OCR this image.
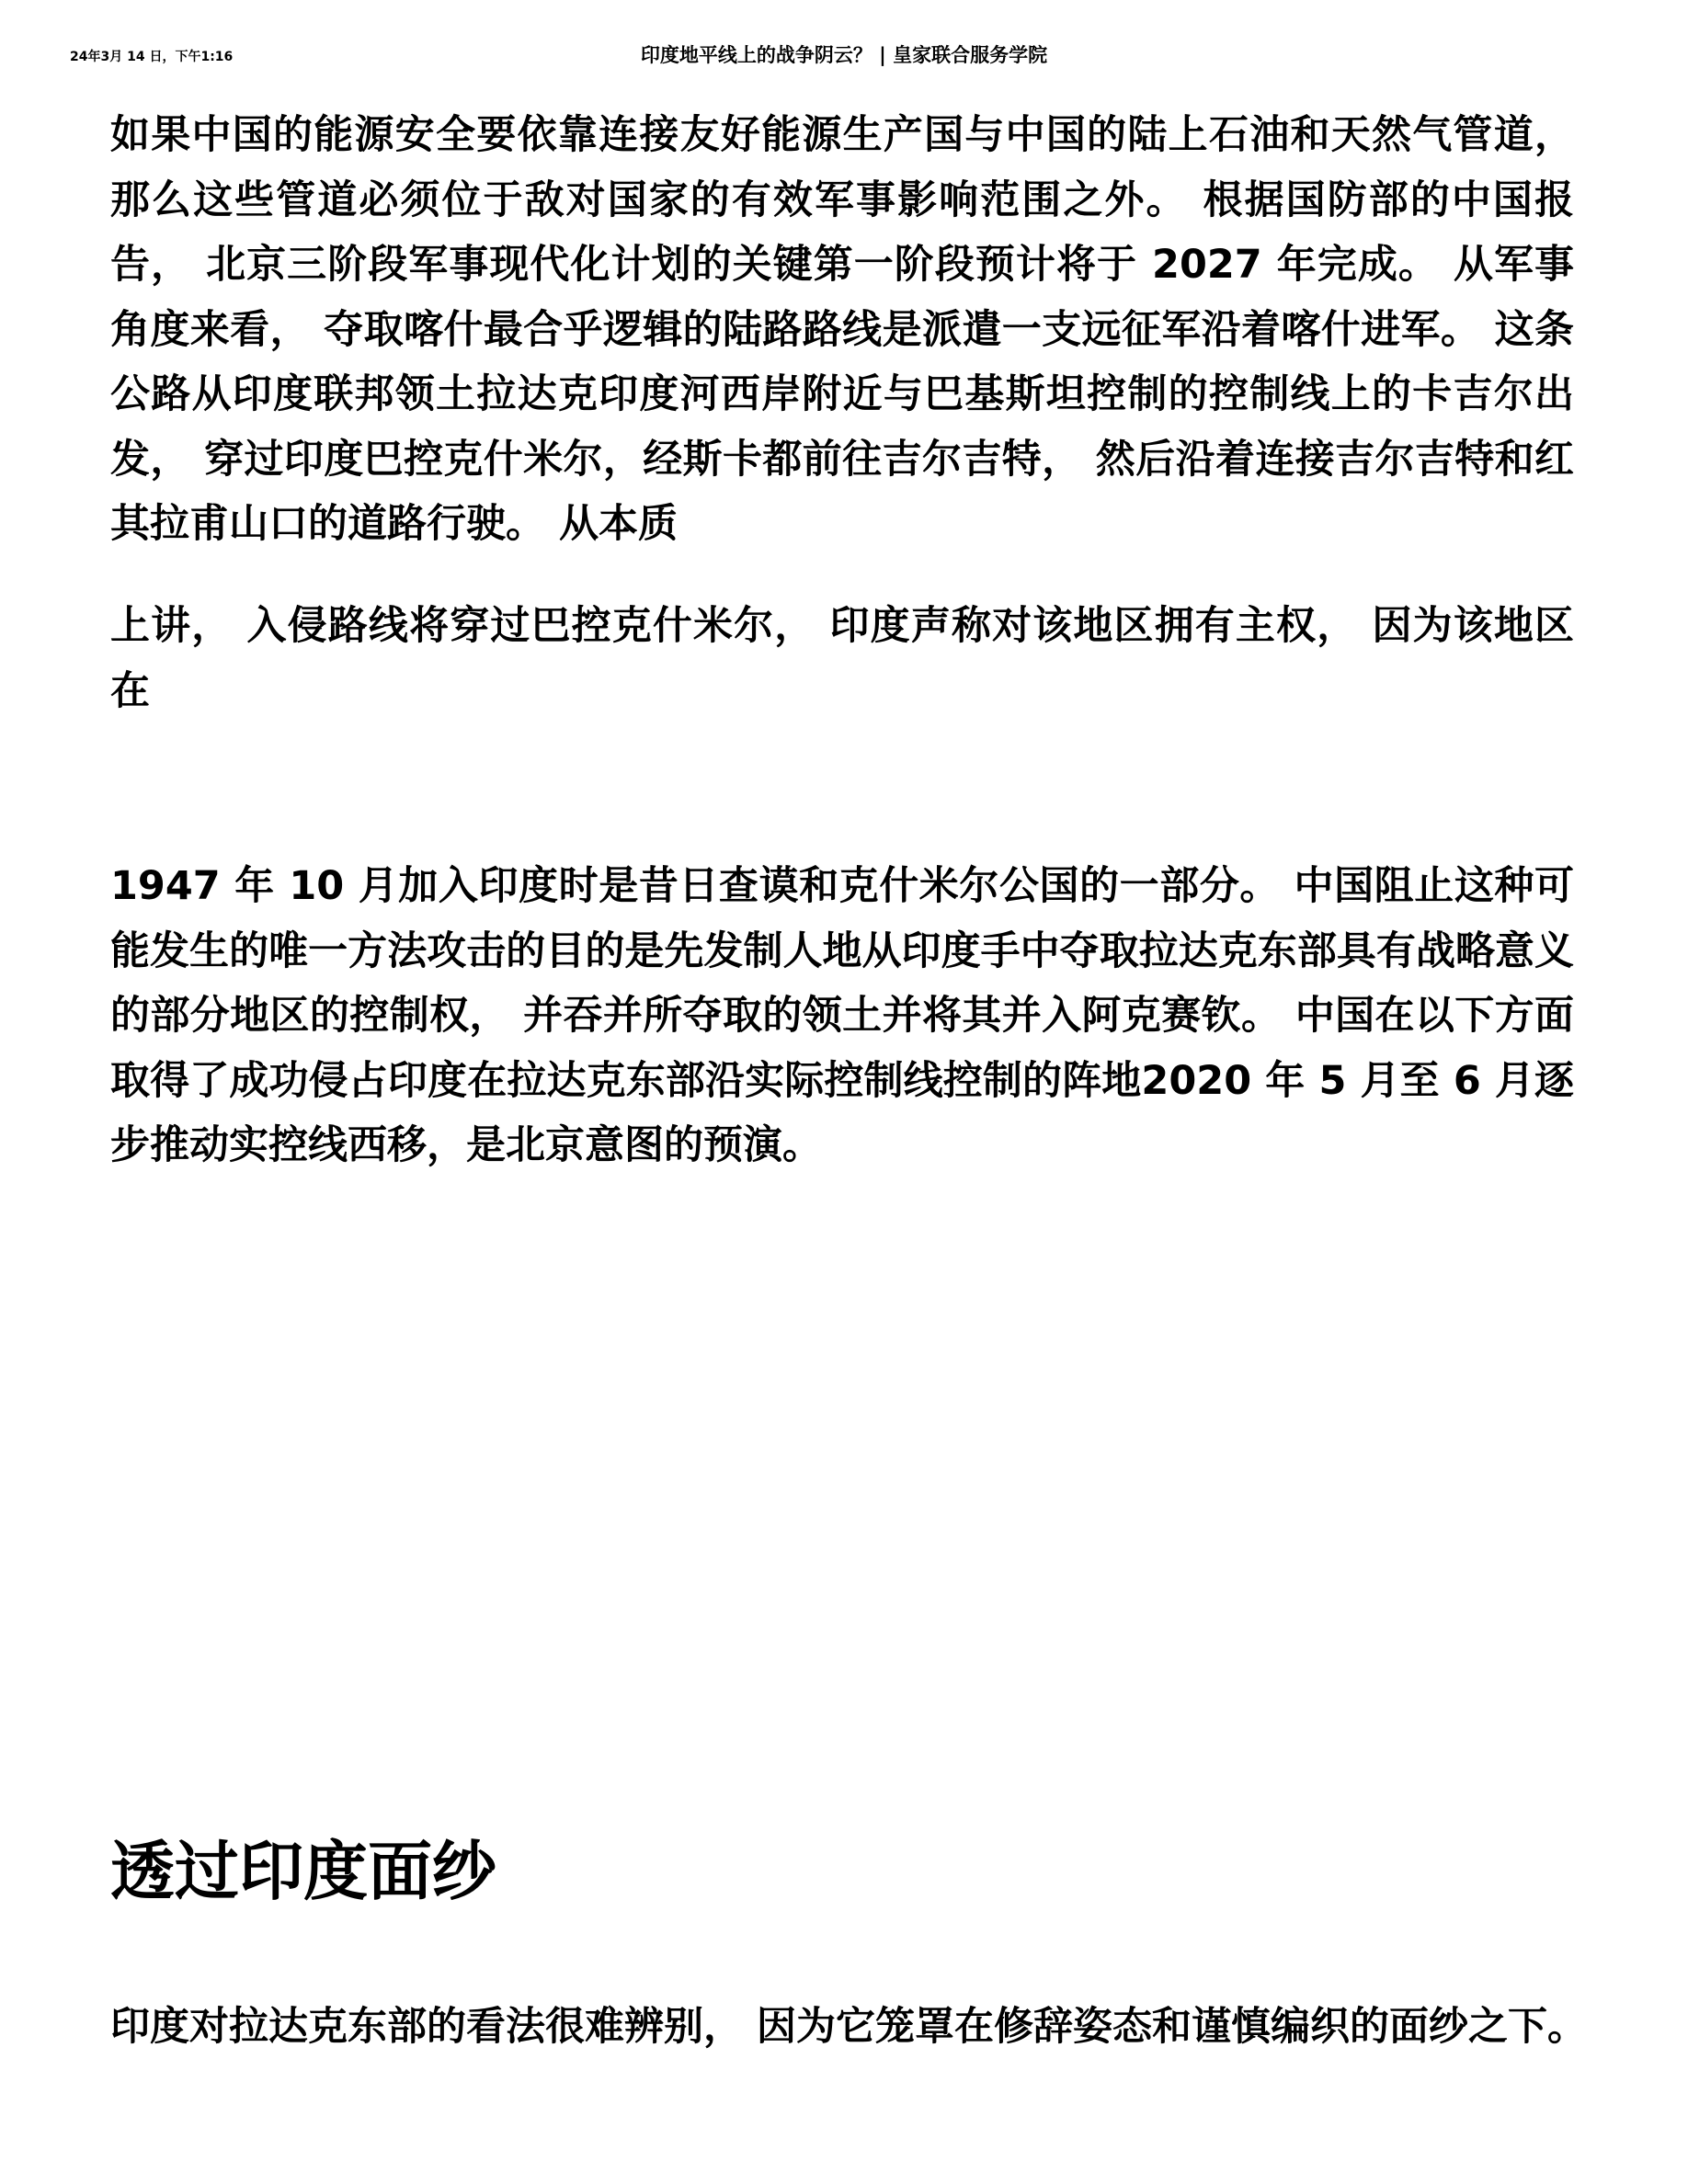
24年3月 14 日，下午1:16	印度地平线上的战争阴云？ | 皇家联合服务学院

如果中国的能源安全要依靠连接友好能源生产国与中国的陆上石油和天然气管道， 那么这些管道必须位于敌对国家的有效军事影响范围之外。 根据国防部的中国报告， 北京三阶段军事现代化计划的关键第一阶段预计将于 2027 年完成。 从军事角度来看， 夺取喀什最合乎逻辑的陆路路线是派遣一支远征军沿着喀什进军。 这条公路从印度联邦领土拉达克印度河西岸附近与巴基斯坦控制的控制线上的卡吉尔出发， 穿过印度巴控克什米尔，经斯卡都前往吉尔吉特， 然后沿着连接吉尔吉特和红其拉甫山口的道路行驶。 从本质

上讲， 入侵路线将穿过巴控克什米尔， 印度声称对该地区拥有主权， 因为该地区在

1947 年 10 月加入印度时是昔日查谟和克什米尔公国的一部分。 中国阻止这种可能发生的唯一方法攻击的目的是先发制人地从印度手中夺取拉达克东部具有战略意义的部分地区的控制权， 并吞并所夺取的领土并将其并入阿克赛钦。 中国在以下方面取得了成功侵占印度在拉达克东部沿实际控制线控制的阵地2020 年 5 月至 6 月逐步推动实控线西移，是北京意图的预演。

透过印度面纱

印度对拉达克东部的看法很难辨别， 因为它笼罩在修辞姿态和谨慎编织的面纱之下。
